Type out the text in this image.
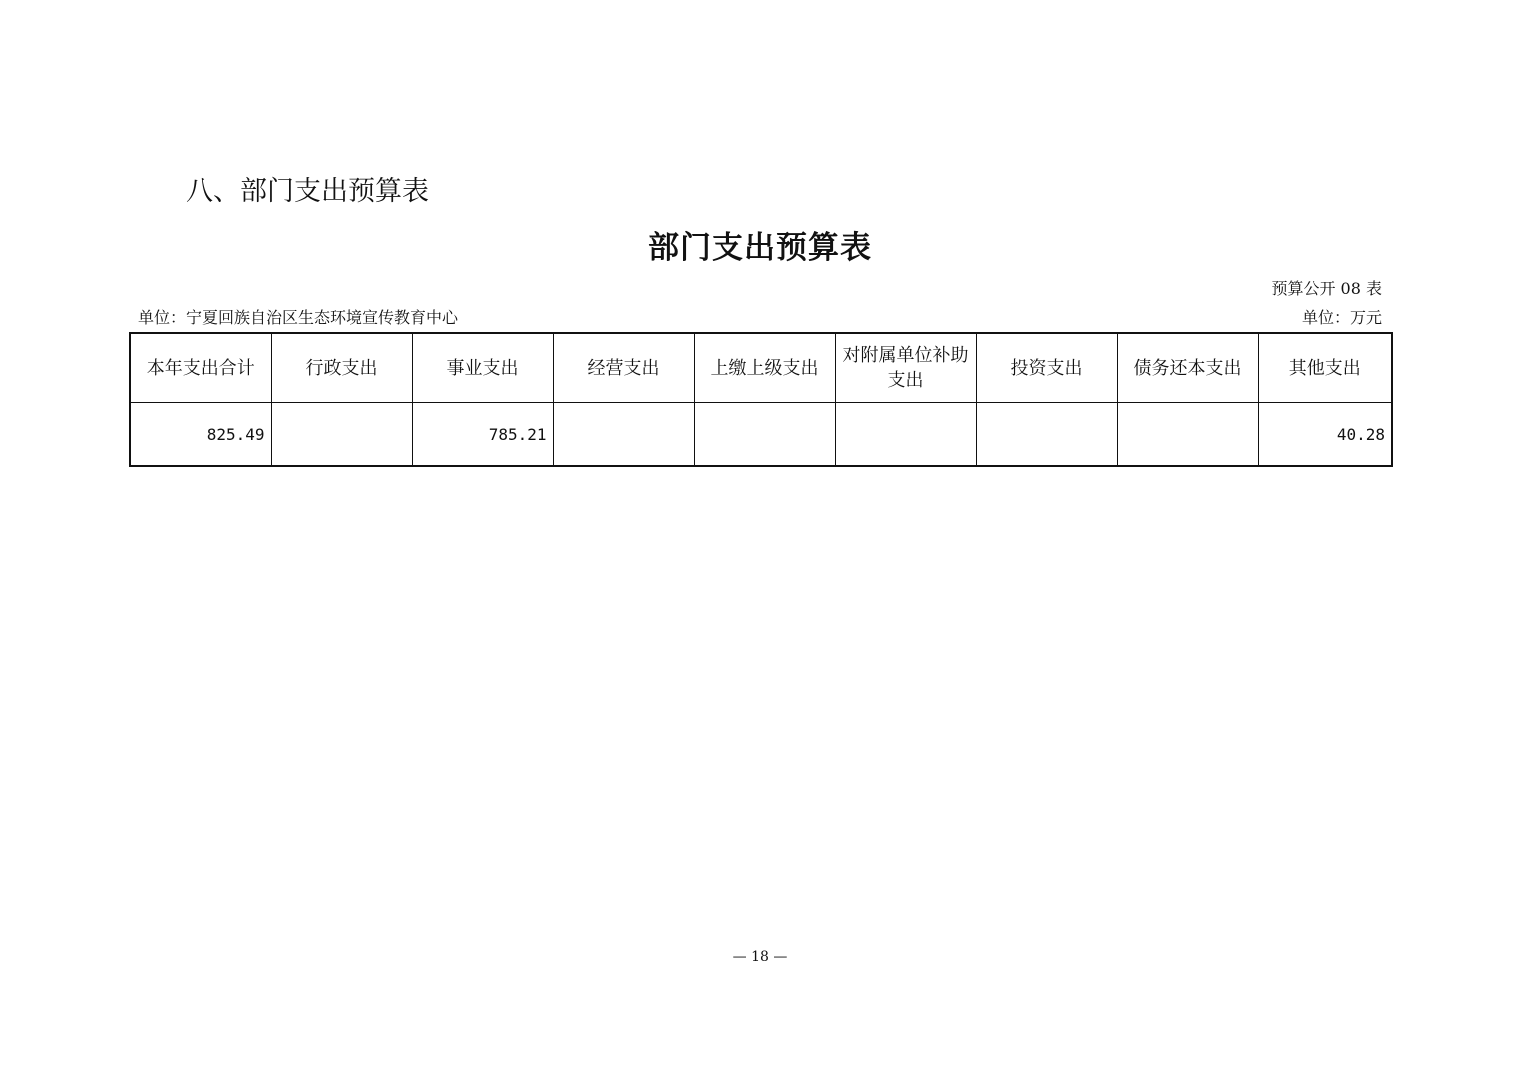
八、部门支出预算表
部门支出预算表
预算公开 08 表
单位：宁夏回族自治区生态环境宣传教育中心	单位：万元
本年支出合计	行政支出	事业支出	经营支出	上缴上级支出	对附属单位补助支出	投资支出	债务还本支出	其他支出
825.49		785.21						40.28
— 18 —
